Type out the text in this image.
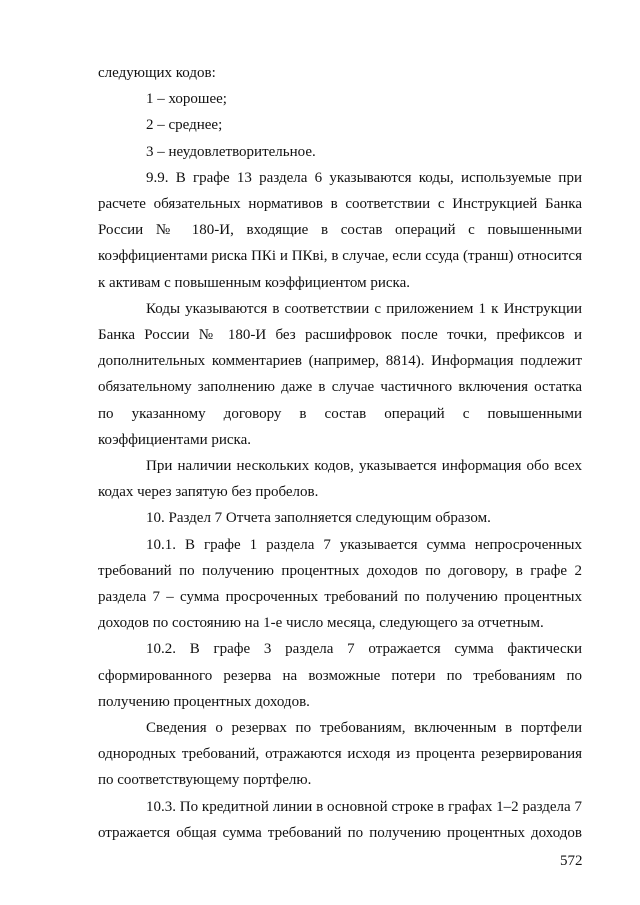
следующих кодов:

1 – хорошее;

2 – среднее;

3 – неудовлетворительное.

9.9. В графе 13 раздела 6 указываются коды, используемые при расчете обязательных нормативов в соответствии с Инструкцией Банка России № 180-И, входящие в состав операций с повышенными коэффициентами риска ПКi и ПКвi, в случае, если ссуда (транш) относится к активам с повышенным коэффициентом риска.

Коды указываются в соответствии с приложением 1 к Инструкции Банка России № 180-И без расшифровок после точки, префиксов и дополнительных комментариев (например, 8814). Информация подлежит обязательному заполнению даже в случае частичного включения остатка по указанному договору в состав операций с повышенными коэффициентами риска.

При наличии нескольких кодов, указывается информация обо всех кодах через запятую без пробелов.

10. Раздел 7 Отчета заполняется следующим образом.

10.1. В графе 1 раздела 7 указывается сумма непросроченных требований по получению процентных доходов по договору, в графе 2 раздела 7 – сумма просроченных требований по получению процентных доходов по состоянию на 1-е число месяца, следующего за отчетным.

10.2. В графе 3 раздела 7 отражается сумма фактически сформированного резерва на возможные потери по требованиям по получению процентных доходов.

Сведения о резервах по требованиям, включенным в портфели однородных требований, отражаются исходя из процента резервирования по соответствующему портфелю.

10.3. По кредитной линии в основной строке в графах 1–2 раздела 7 отражается общая сумма требований по получению процентных доходов

572
